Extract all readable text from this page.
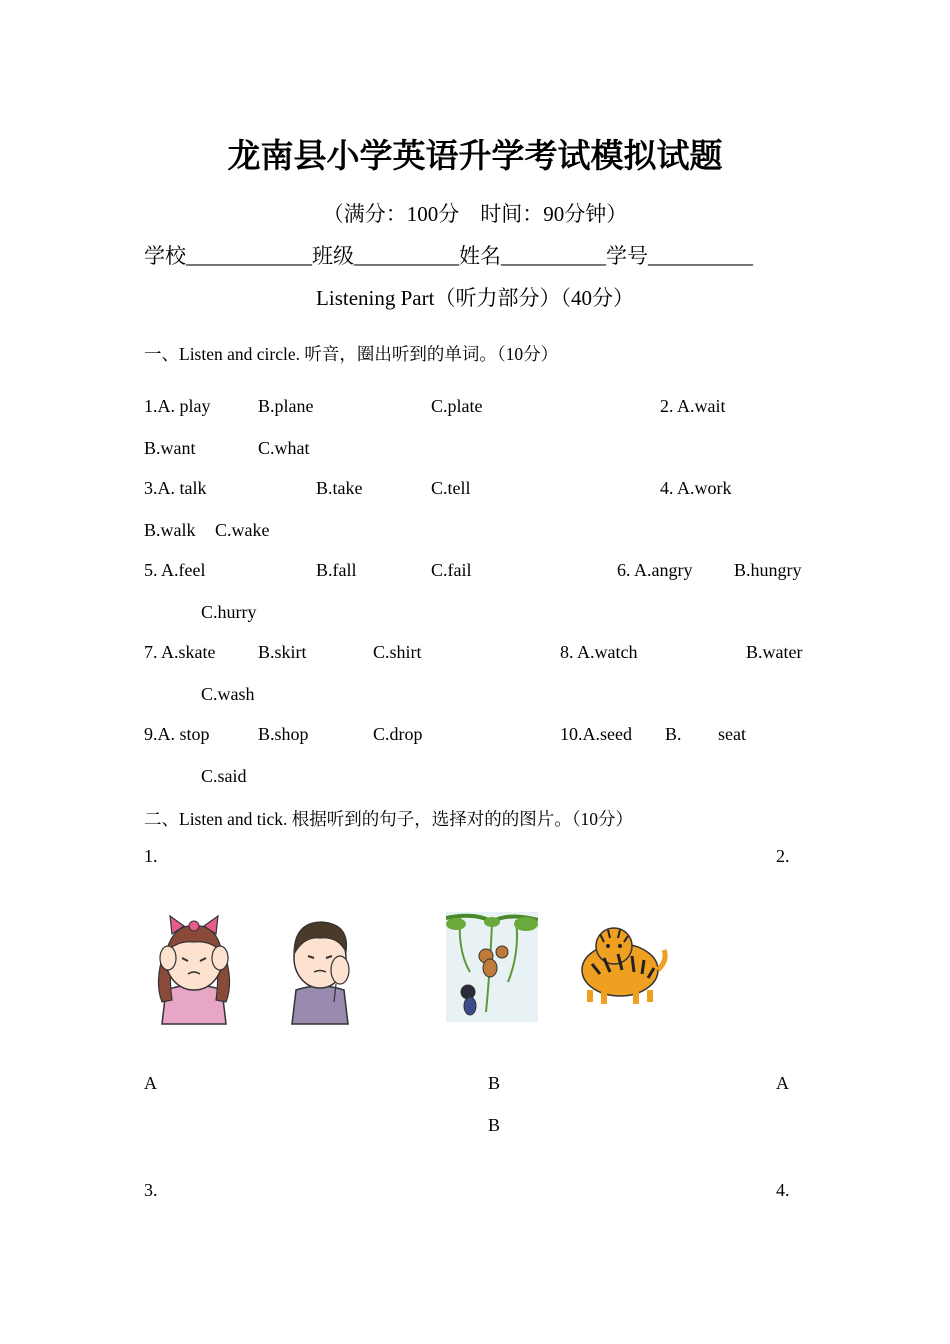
龙南县小学英语升学考试模拟试题
（满分：100分　时间：90分钟）
学校____________班级__________姓名__________学号__________
Listening Part（听力部分）（40分）
一、Listen and circle. 听音，圈出听到的单词。（10分）
1.A. play	B.plane	C.plate	2. A.wait
B.want	C.what
3.A. talk	B.take	C.tell	4. A.work
B.walk C.wake
5. A.feel	B.fall	C.fail	6. A.angry B.hungry
C.hurry
7. A.skate B.skirt	C.shirt	8. A.watch	B.water
C.wash
9.A. stop	B.shop	C.drop	10.A.seed B. seat
C.said
二、Listen and tick. 根据听到的句子，选择对的的图片。（10分）
1.	2.
A	B	A
B
3.	4.
